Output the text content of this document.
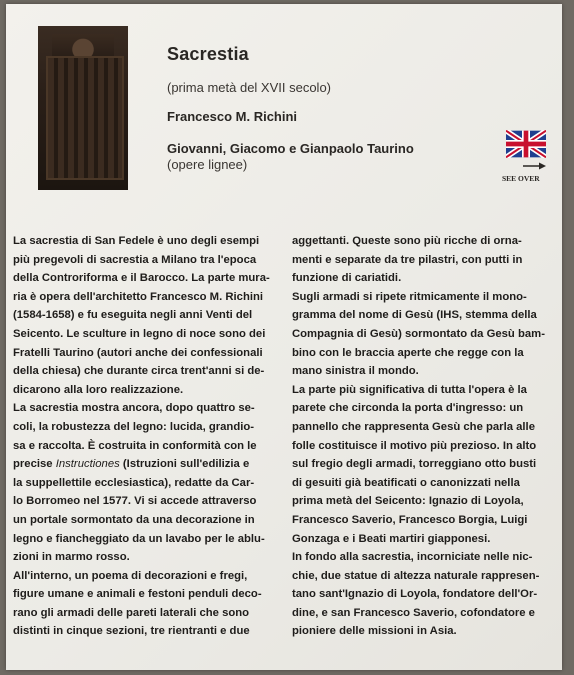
Sacrestia
(prima metà del XVII secolo)
Francesco M. Richini
Giovanni, Giacomo e Gianpaolo Taurino
(opere lignee)
SEE OVER
La sacrestia di San Fedele è uno degli esempi
più pregevoli di sacrestia a Milano tra l'epoca
della Controriforma e il Barocco. La parte mura-
ria è opera dell'architetto Francesco M. Richini
(1584-1658) e fu eseguita negli anni Venti del
Seicento. Le sculture in legno di noce sono dei
Fratelli Taurino (autori anche dei confessionali
della chiesa) che durante circa trent'anni si de-
dicarono alla loro realizzazione.
La sacrestia mostra ancora, dopo quattro se-
coli, la robustezza del legno: lucida, grandio-
sa e raccolta. È costruita in conformità con le
precise Instructiones (Istruzioni sull'edilizia e
la suppellettile ecclesiastica), redatte da Car-
lo Borromeo nel 1577. Vi si accede attraverso
un portale sormontato da una decorazione in
legno e fiancheggiato da un lavabo per le ablu-
zioni in marmo rosso.
All'interno, un poema di decorazioni e fregi,
figure umane e animali e festoni penduli deco-
rano gli armadi delle pareti laterali che sono
distinti in cinque sezioni, tre rientranti e due
aggettanti. Queste sono più ricche di orna-
menti e separate da tre pilastri, con putti in
funzione di cariatidi.
Sugli armadi si ripete ritmicamente il mono-
gramma del nome di Gesù (IHS, stemma della
Compagnia di Gesù) sormontato da Gesù bam-
bino con le braccia aperte che regge con la
mano sinistra il mondo.
La parte più significativa di tutta l'opera è la
parete che circonda la porta d'ingresso: un
pannello che rappresenta Gesù che parla alle
folle costituisce il motivo più prezioso. In alto
sul fregio degli armadi, torreggiano otto busti
di gesuiti già beatificati o canonizzati nella
prima metà del Seicento: Ignazio di Loyola,
Francesco Saverio, Francesco Borgia, Luigi
Gonzaga e i Beati martiri giapponesi.
In fondo alla sacrestia, incorniciate nelle nic-
chie, due statue di altezza naturale rappresen-
tano sant'Ignazio di Loyola, fondatore dell'Or-
dine, e san Francesco Saverio, cofondatore e
pioniere delle missioni in Asia.
